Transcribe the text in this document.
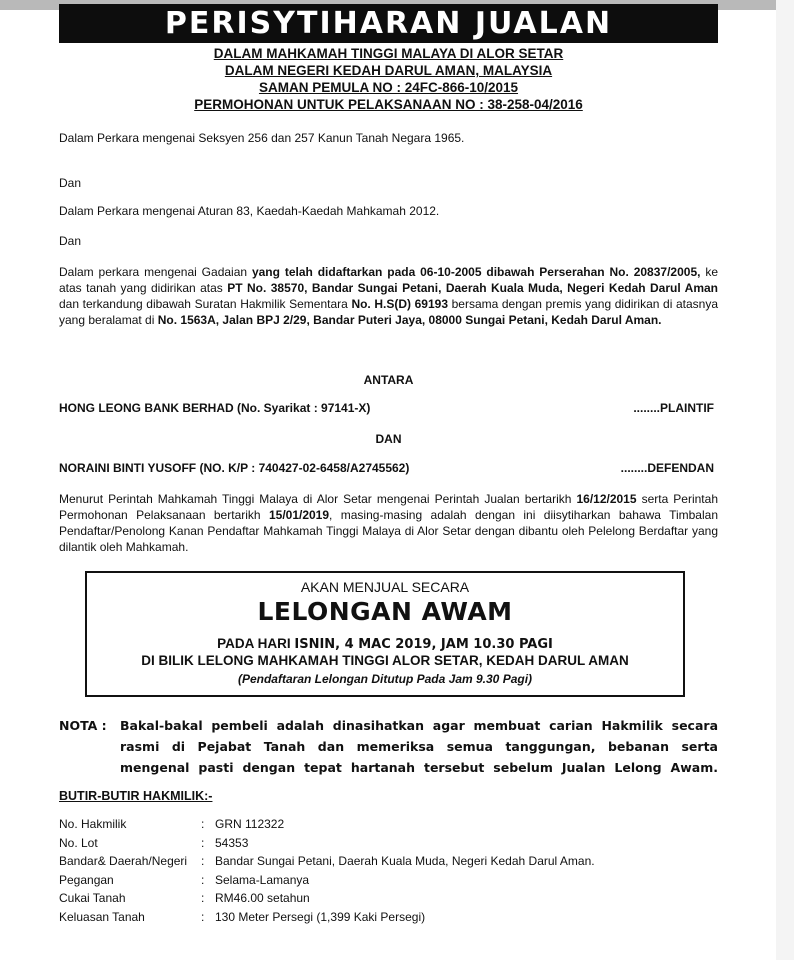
PERISYTIHARAN JUALAN
DALAM MAHKAMAH TINGGI MALAYA DI ALOR SETAR
DALAM NEGERI KEDAH DARUL AMAN, MALAYSIA
SAMAN PEMULA NO : 24FC-866-10/2015
PERMOHONAN UNTUK PELAKSANAAN NO : 38-258-04/2016
Dalam Perkara mengenai Seksyen 256 dan 257 Kanun Tanah Negara 1965.
Dan
Dalam Perkara mengenai Aturan 83, Kaedah-Kaedah Mahkamah 2012.
Dan
Dalam perkara mengenai Gadaian yang telah didaftarkan pada 06-10-2005 dibawah Perserahan No. 20837/2005, ke atas tanah yang didirikan atas PT No. 38570, Bandar Sungai Petani, Daerah Kuala Muda, Negeri Kedah Darul Aman dan terkandung dibawah Suratan Hakmilik Sementara No. H.S(D) 69193 bersama dengan premis yang didirikan di atasnya yang beralamat di No. 1563A, Jalan BPJ 2/29, Bandar Puteri Jaya, 08000 Sungai Petani, Kedah Darul Aman.
ANTARA
HONG LEONG BANK BERHAD (No. Syarikat : 97141-X)	........PLAINTIF
DAN
NORAINI BINTI YUSOFF (NO. K/P : 740427-02-6458/A2745562)	........DEFENDAN
Menurut Perintah Mahkamah Tinggi Malaya di Alor Setar mengenai Perintah Jualan bertarikh 16/12/2015 serta Perintah Permohonan Pelaksanaan bertarikh 15/01/2019, masing-masing adalah dengan ini diisytiharkan bahawa Timbalan Pendaftar/Penolong Kanan Pendaftar Mahkamah Tinggi Malaya di Alor Setar dengan dibantu oleh Pelelong Berdaftar yang dilantik oleh Mahkamah.
AKAN MENJUAL SECARA
LELONGAN AWAM
PADA HARI ISNIN, 4 MAC 2019, JAM 10.30 PAGI
DI BILIK LELONG MAHKAMAH TINGGI ALOR SETAR, KEDAH DARUL AMAN
(Pendaftaran Lelongan Ditutup Pada Jam 9.30 Pagi)
NOTA : Bakal-bakal pembeli adalah dinasihatkan agar membuat carian Hakmilik secara rasmi di Pejabat Tanah dan memeriksa semua tanggungan, bebanan serta mengenal pasti dengan tepat hartanah tersebut sebelum Jualan Lelong Awam.
BUTIR-BUTIR HAKMILIK:-
No. Hakmilik	: GRN 112322
No. Lot	: 54353
Bandar& Daerah/Negeri : Bandar Sungai Petani, Daerah Kuala Muda, Negeri Kedah Darul Aman.
Pegangan	: Selama-Lamanya
Cukai Tanah	: RM46.00 setahun
Keluasan Tanah	: 130 Meter Persegi (1,399 Kaki Persegi)
